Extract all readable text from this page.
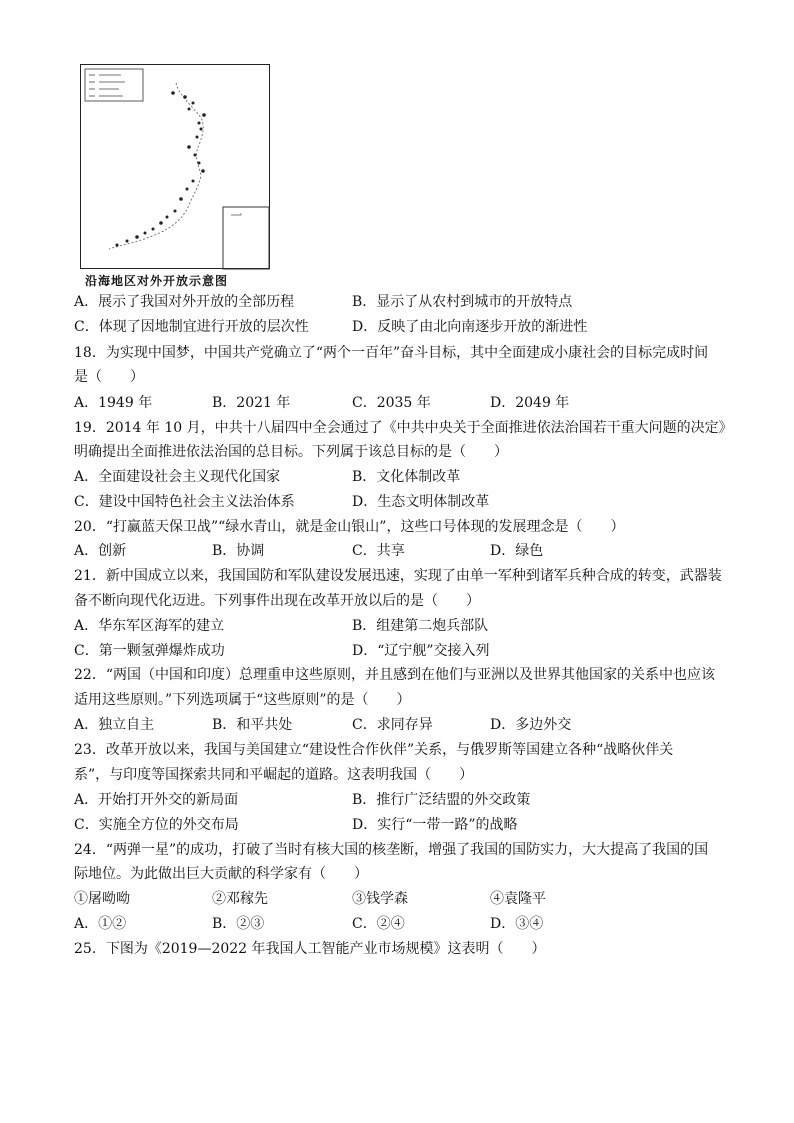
沿海地区对外开放示意图
A．展示了我国对外开放的全部历程	B．显示了从农村到城市的开放特点
C．体现了因地制宜进行开放的层次性	D．反映了由北向南逐步开放的渐进性
18．为实现中国梦，中国共产党确立了“两个一百年”奋斗目标，其中全面建成小康社会的目标完成时间
是（　　）
A．1949 年	B．2021 年	C．2035 年	D．2049 年
19．2014 年 10 月，中共十八届四中全会通过了《中共中央关于全面推进依法治国若干重大问题的决定》
明确提出全面推进依法治国的总目标。下列属于该总目标的是（　　）
A．全面建设社会主义现代化国家	B．文化体制改革
C．建设中国特色社会主义法治体系	D．生态文明体制改革
20．“打赢蓝天保卫战”“绿水青山，就是金山银山”，这些口号体现的发展理念是（　　）
A．创新	B．协调	C．共享	D．绿色
21．新中国成立以来，我国国防和军队建设发展迅速，实现了由单一军种到诸军兵种合成的转变，武器装
备不断向现代化迈进。下列事件出现在改革开放以后的是（　　）
A．华东军区海军的建立	B．组建第二炮兵部队
C．第一颗氢弹爆炸成功	D．“辽宁舰”交接入列
22．“两国（中国和印度）总理重申这些原则，并且感到在他们与亚洲以及世界其他国家的关系中也应该
适用这些原则。”下列选项属于“这些原则”的是（　　）
A．独立自主	B．和平共处	C．求同存异	D．多边外交
23．改革开放以来，我国与美国建立“建设性合作伙伴”关系，与俄罗斯等国建立各种“战略伙伴关
系”，与印度等国探索共同和平崛起的道路。这表明我国（　　）
A．开始打开外交的新局面	B．推行广泛结盟的外交政策
C．实施全方位的外交布局	D．实行“一带一路”的战略
24．“两弹一星”的成功，打破了当时有核大国的核垄断，增强了我国的国防实力，大大提高了我国的国
际地位。为此做出巨大贡献的科学家有（　　）
①屠呦呦	②邓稼先	③钱学森	④袁隆平
A．①②	B．②③	C．②④	D．③④
25．下图为《2019—2022 年我国人工智能产业市场规模》这表明（　　）
